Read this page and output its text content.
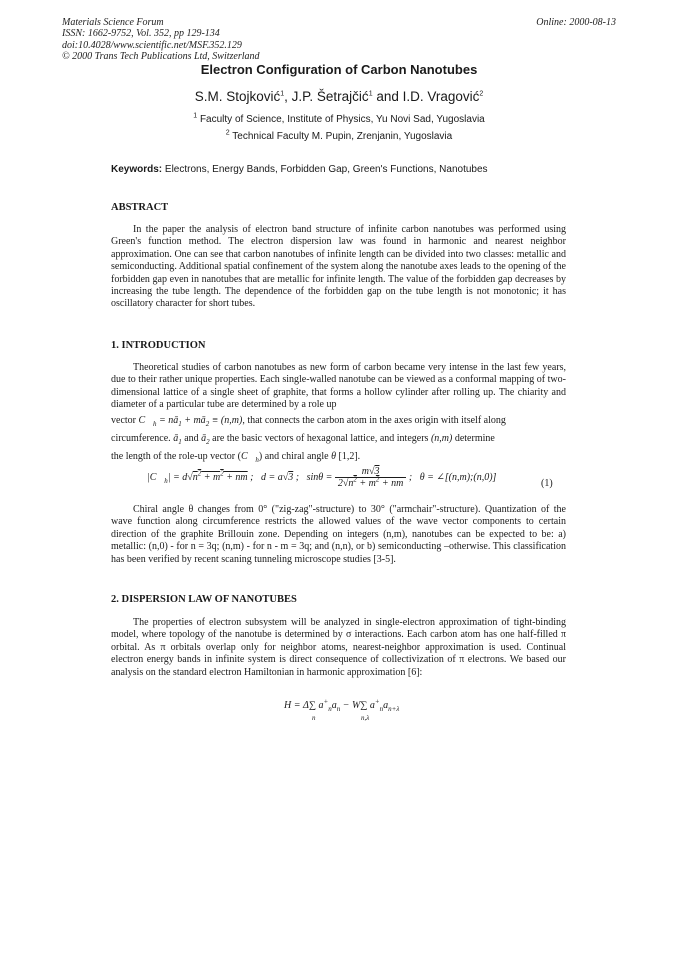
Materials Science Forum
ISSN: 1662-9752, Vol. 352, pp 129-134
doi:10.4028/www.scientific.net/MSF.352.129
© 2000 Trans Tech Publications Ltd, Switzerland
Online: 2000-08-13
Electron Configuration of Carbon Nanotubes
S.M. Stojković$^1$, J.P. Šetrajčić$^1$ and I.D. Vragović$^2$
$^1$ Faculty of Science, Institute of Physics, Yu Novi Sad, Yugoslavia
$^2$ Technical Faculty M. Pupin, Zrenjanin, Yugoslavia
Keywords: Electrons, Energy Bands, Forbidden Gap, Green's Functions, Nanotubes
ABSTRACT

In the paper the analysis of electron band structure of infinite carbon nanotubes was performed using Green's function method. The electron dispersion law was found in harmonic and nearest neighbor approximation. One can see that carbon nanotubes of infinite length can be divided into two classes: metallic and semiconducting. Additional spatial confinement of the system along the nanotube axes leads to the opening of the forbidden gap even in nanotubes that are metallic for infinite length. The value of the forbidden gap decreases by increasing the tube length. The dependence of the forbidden gap on the tube length is not monotonic; it has oscillatory character for short tubes.

1. INTRODUCTION

Theoretical studies of carbon nanotubes as new form of carbon became very intense in the last few years, due to their rather unique properties. Each single-walled nanotube can be viewed as a conformal mapping of two-dimensional lattice of a single sheet of graphite, that forms a hollow cylinder after rolling up. The chiarity and diameter of a particular tube are determined by a role up

vector $C⃗_h$ = $nā_1$ + $mā_2 \equiv (n,m)$, that connects the carbon atom in the axes origin with itself along
circumference. $ā_1$ and $ā_2$ are the basic vectors of hexagonal lattice, and integers (n,m) determine
the length of the role-up vector $(C⃗_h)$ and chiral angle θ [1,2].
$|C⃗_h| = d√n^2 + m^2$ + nm ;   d = a√3 ;   $\sin\theta = \frac{m√3}{2√n^2 + m^2 + nm}$ ;   θ = ∠[(n,m);(n,0)]
(1)

Chiral angle θ changes from 0° ("zig-zag"-structure) to 30° ("armchair"-structure). Quantization of the wave function along circumference restricts the allowed values of the wave vector components to certain direction of the graphite Brillouin zone. Depending on integers (n,m), nanotubes can be expected to be: a) metallic: (n,0) - for n = 3q; (n,m) - for n - m = 3q; and (n,n), or b) semiconducting –otherwise. This classification has been verified by recent scaning tunneling microscope studies [3-5].

2. DISPERSION LAW OF NANOTUBES

The properties of electron subsystem will be analyzed in single-electron approximation of tight-binding model, where topology of the nanotube is determined by σ interactions. Each carbon atom has one half-filled π orbital. As π orbitals overlap only for neighbor atoms, nearest-neighbor approximation is used. Continual electron energy bands in infinite system is direct consequence of collectivization of π electrons. We based our analysis on the standard electron Hamiltonian in harmonic approximation [6]:

H = Δ∑ $a^+_na_n - W\sum$ $a^+_na_{n+\lambda}$
n	n,λ
